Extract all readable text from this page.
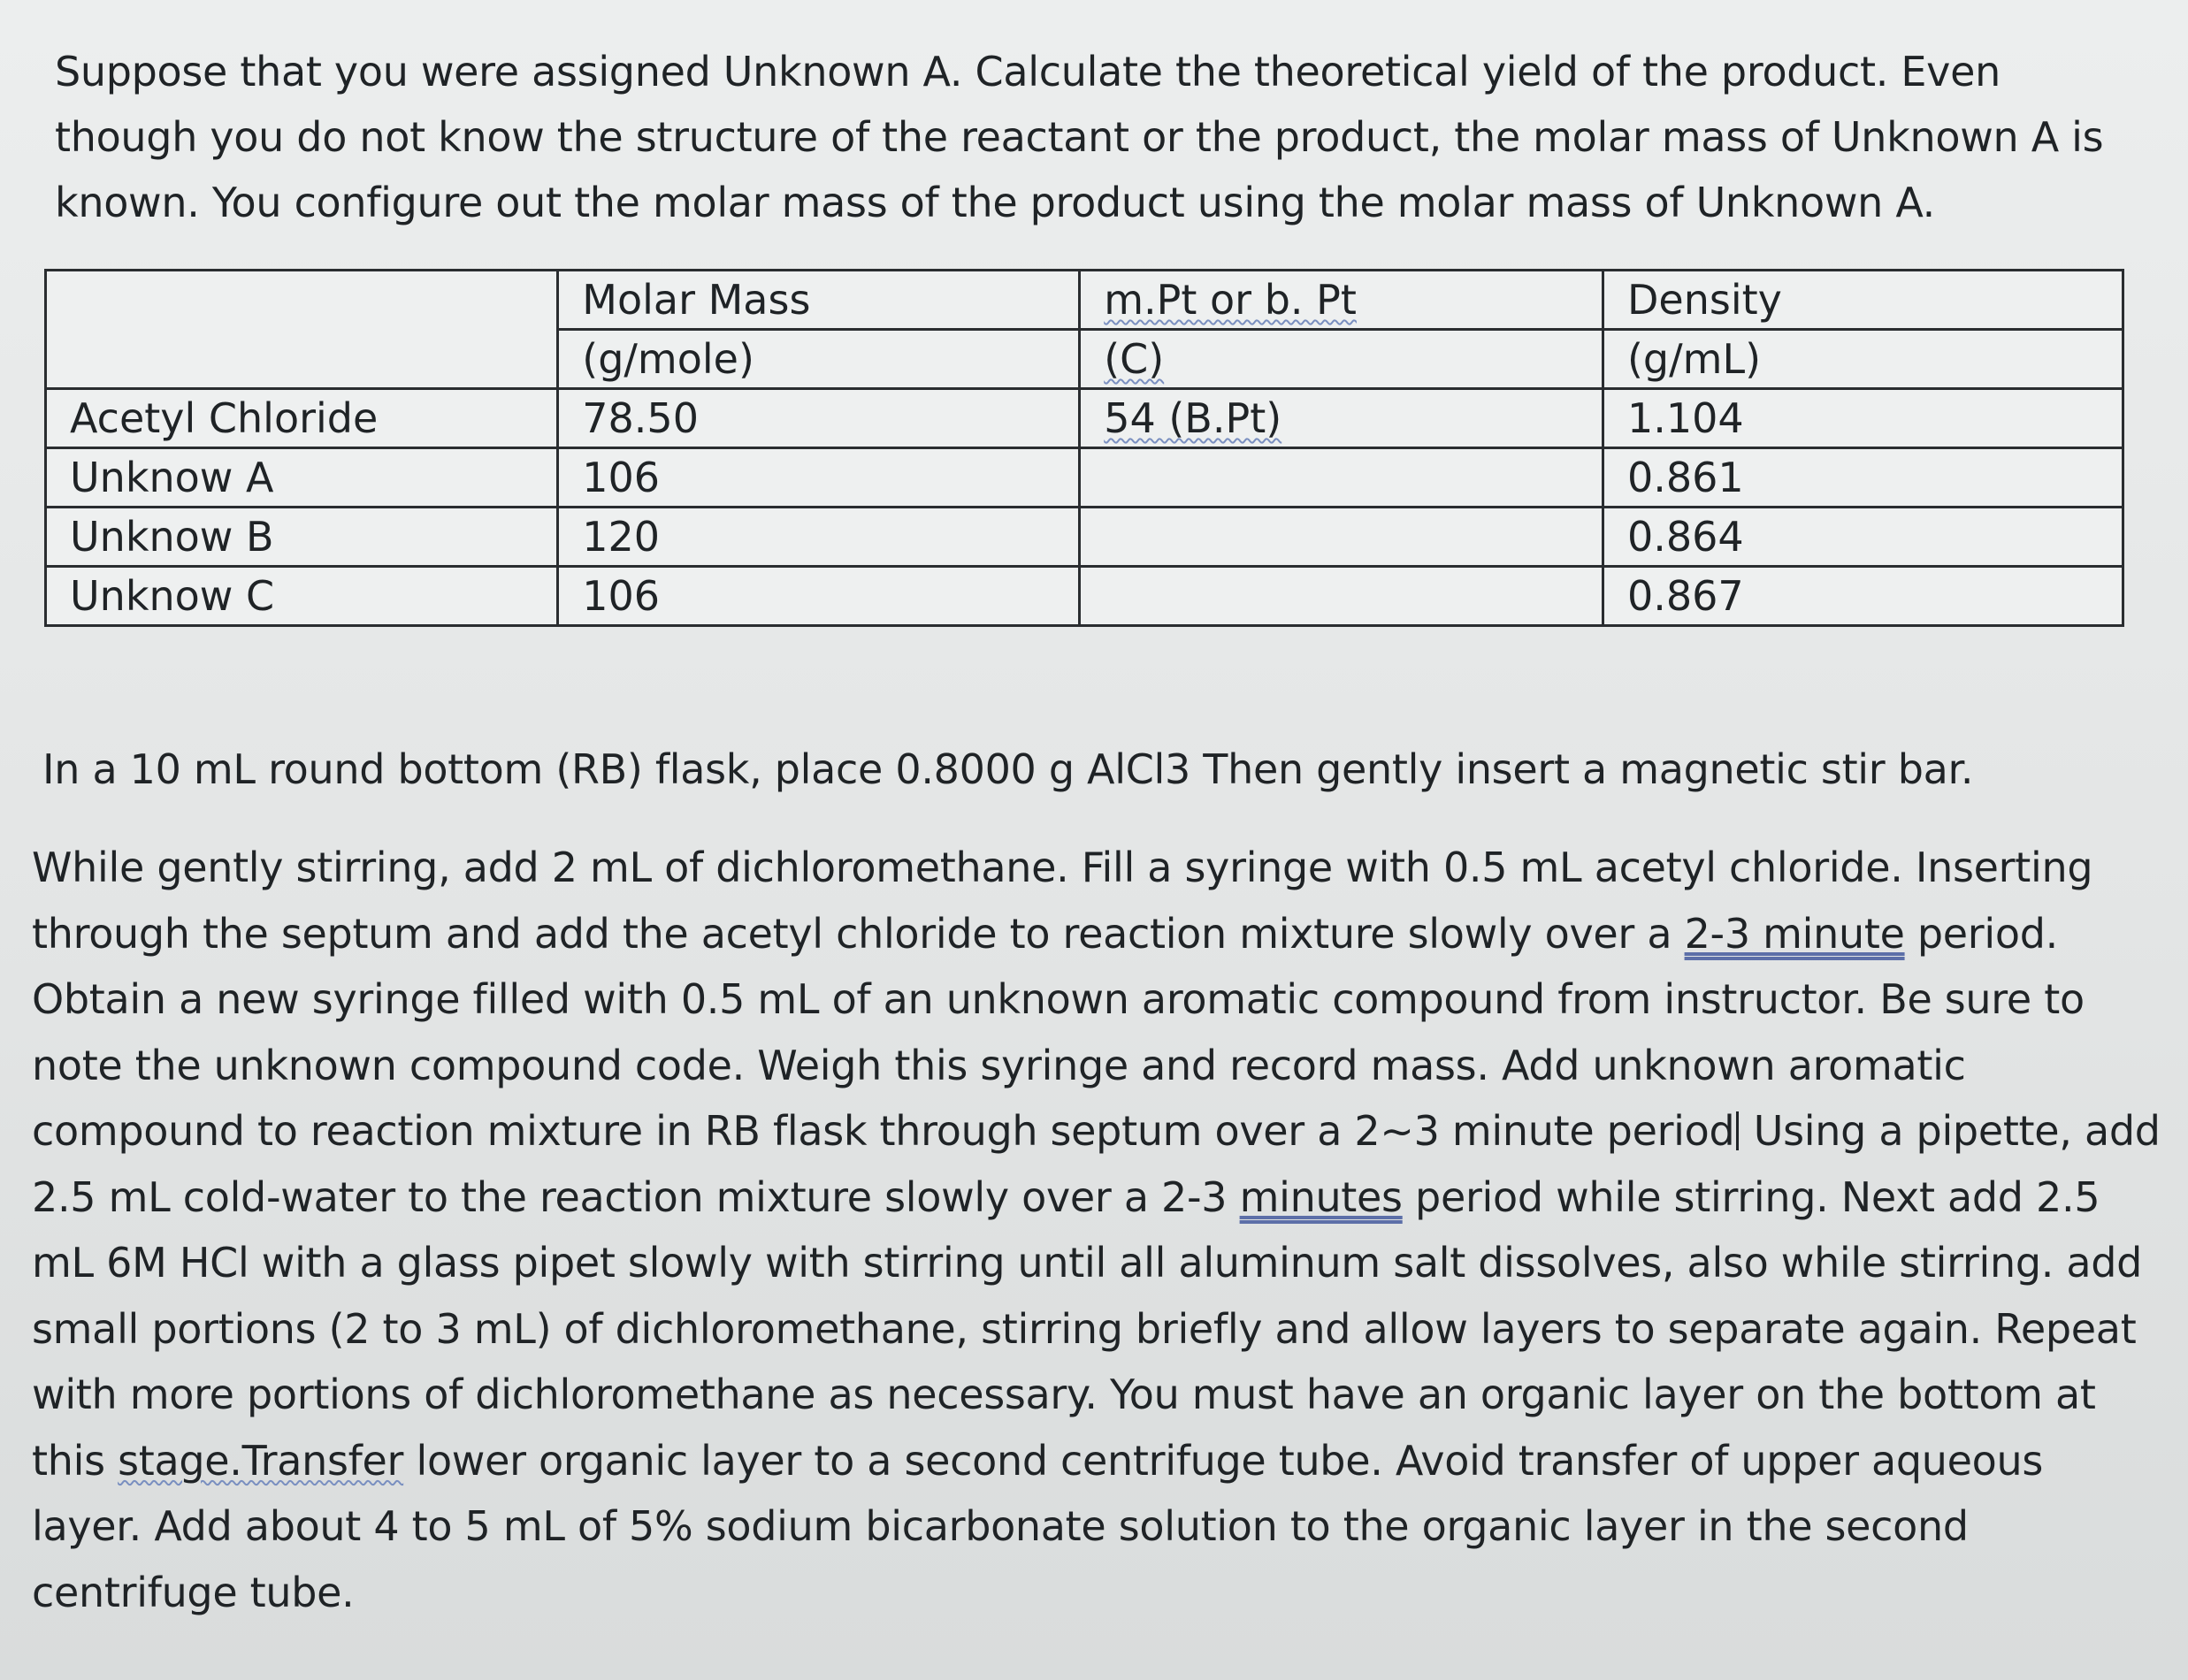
Suppose that you were assigned Unknown A. Calculate the theoretical yield of the product. Even though you do not know the structure of the reactant or the product, the molar mass of Unknown A is known. You configure out the molar mass of the product using the molar mass of Unknown A.

	Molar Mass	m.Pt or b. Pt	Density
	(g/mole)	(C)	(g/mL)
Acetyl Chloride	78.50	54 (B.Pt)	1.104
Unknow A	106		0.861
Unknow B	120		0.864
Unknow C	106		0.867

In a 10 mL round bottom (RB) flask, place 0.8000 g AlCl3 Then gently insert a magnetic stir bar.

While gently stirring, add 2 mL of dichloromethane. Fill a syringe with 0.5 mL acetyl chloride. Inserting through the septum and add the acetyl chloride to reaction mixture slowly over a 2-3 minute period. Obtain a new syringe filled with 0.5 mL of an unknown aromatic compound from instructor. Be sure to note the unknown compound code. Weigh this syringe and record mass. Add unknown aromatic compound to reaction mixture in RB flask through septum over a 2~3 minute period Using a pipette, add 2.5 mL cold-water to the reaction mixture slowly over a 2-3 minutes period while stirring. Next add 2.5 mL 6M HCl with a glass pipet slowly with stirring until all aluminum salt dissolves, also while stirring. add small portions (2 to 3 mL) of dichloromethane, stirring briefly and allow layers to separate again. Repeat with more portions of dichloromethane as necessary. You must have an organic layer on the bottom at this stage.Transfer lower organic layer to a second centrifuge tube. Avoid transfer of upper aqueous layer. Add about 4 to 5 mL of 5% sodium bicarbonate solution to the organic layer in the second centrifuge tube.
